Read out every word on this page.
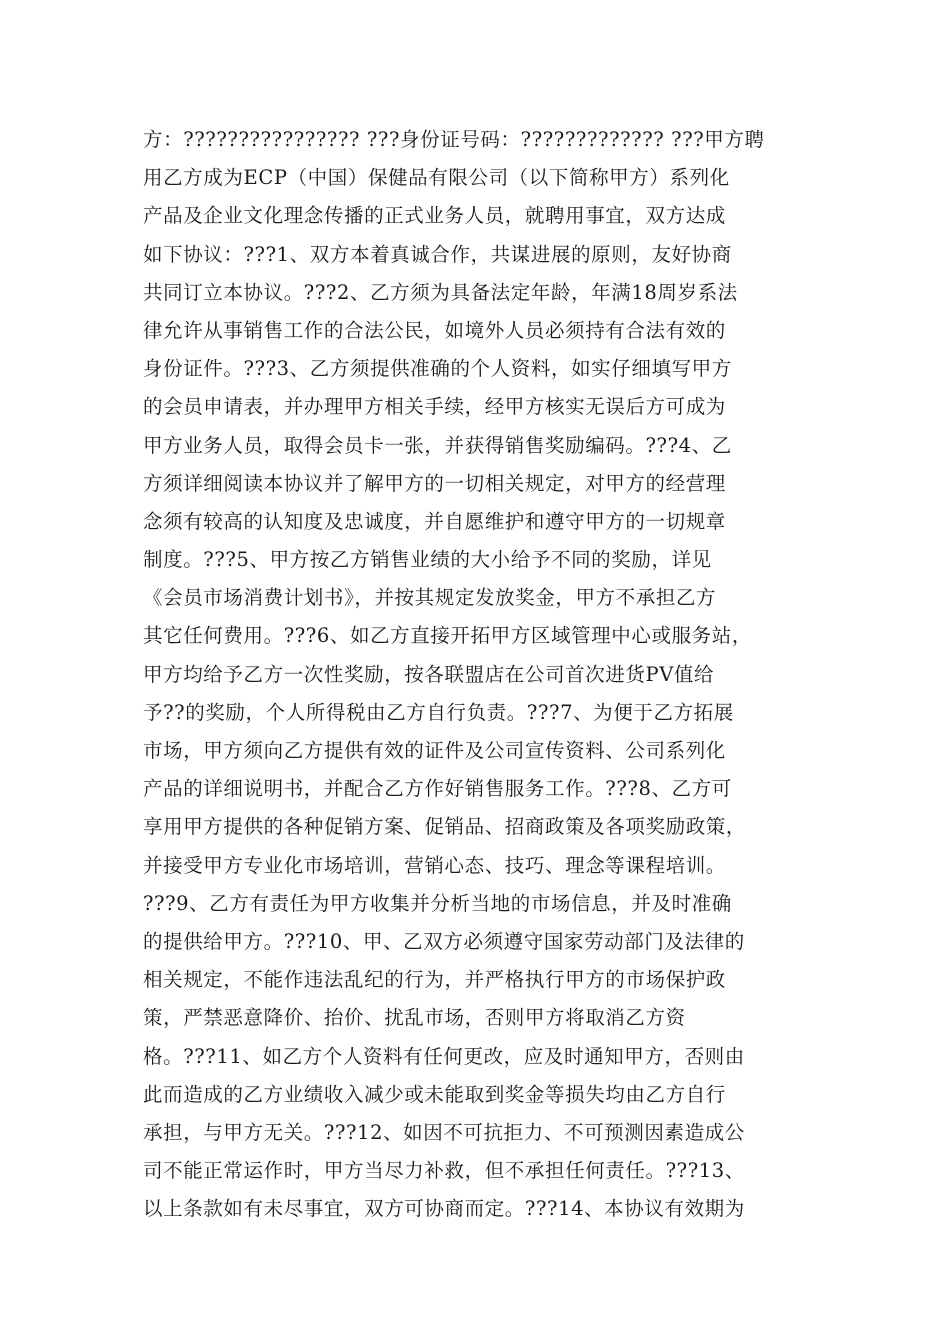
方：???????????????? ???身份证号码：????????????? ???甲方聘
用乙方成为ECP（中国）保健品有限公司（以下简称甲方）系列化
产品及企业文化理念传播的正式业务人员，就聘用事宜，双方达成
如下协议：???1、双方本着真诚合作，共谋进展的原则，友好协商
共同订立本协议。???2、乙方须为具备法定年龄，年满18周岁系法
律允许从事销售工作的合法公民，如境外人员必须持有合法有效的
身份证件。???3、乙方须提供准确的个人资料，如实仔细填写甲方
的会员申请表，并办理甲方相关手续，经甲方核实无误后方可成为
甲方业务人员，取得会员卡一张，并获得销售奖励编码。???4、乙
方须详细阅读本协议并了解甲方的一切相关规定，对甲方的经营理
念须有较高的认知度及忠诚度，并自愿维护和遵守甲方的一切规章
制度。???5、甲方按乙方销售业绩的大小给予不同的奖励，详见
《会员市场消费计划书》，并按其规定发放奖金，甲方不承担乙方
其它任何费用。???6、如乙方直接开拓甲方区域管理中心或服务站，
甲方均给予乙方一次性奖励，按各联盟店在公司首次进货PV值给
予??的奖励，个人所得税由乙方自行负责。???7、为便于乙方拓展
市场，甲方须向乙方提供有效的证件及公司宣传资料、公司系列化
产品的详细说明书，并配合乙方作好销售服务工作。???8、乙方可
享用甲方提供的各种促销方案、促销品、招商政策及各项奖励政策，
并接受甲方专业化市场培训，营销心态、技巧、理念等课程培训。
???9、乙方有责任为甲方收集并分析当地的市场信息，并及时准确
的提供给甲方。???10、甲、乙双方必须遵守国家劳动部门及法律的
相关规定，不能作违法乱纪的行为，并严格执行甲方的市场保护政
策，严禁恶意降价、抬价、扰乱市场，否则甲方将取消乙方资
格。???11、如乙方个人资料有任何更改，应及时通知甲方，否则由
此而造成的乙方业绩收入减少或未能取到奖金等损失均由乙方自行
承担，与甲方无关。???12、如因不可抗拒力、不可预测因素造成公
司不能正常运作时，甲方当尽力补救，但不承担任何责任。???13、
以上条款如有未尽事宜，双方可协商而定。???14、本协议有效期为
